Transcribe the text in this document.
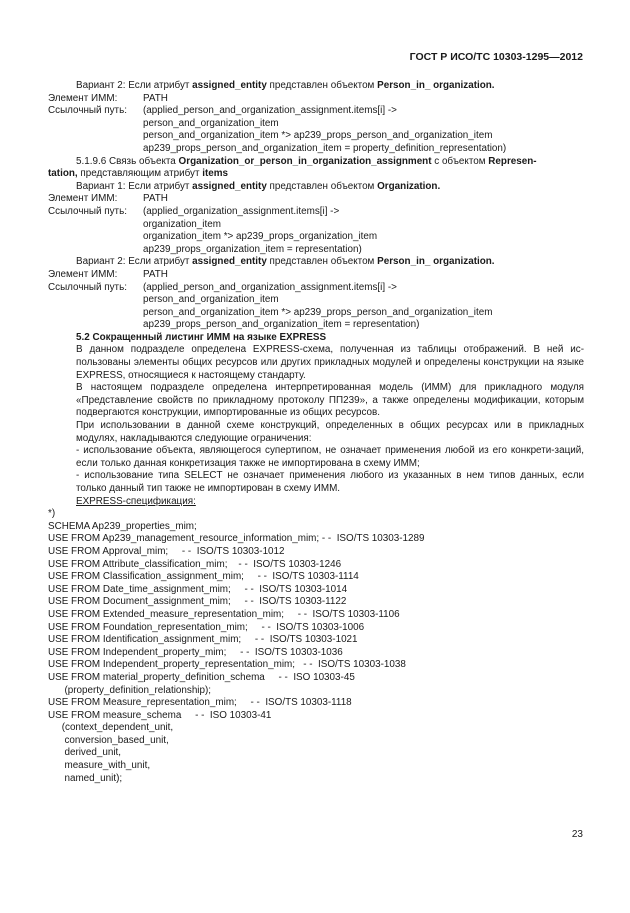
ГОСТ Р ИСО/ТС 10303-1295—2012

Вариант 2: Если атрибут assigned_entity представлен объектом Person_in_ organization.

Элемент ИММ:	PATH
Ссылочный путь:	(applied_person_and_organization_assignment.items[i] ->
person_and_organization_item
person_and_organization_item *> ap239_props_person_and_organization_item
ap239_props_person_and_organization_item = property_definition_representation)

5.1.9.6 Связь объекта Organization_or_person_in_organization_assignment с объектом Represen-

tation, представляющим атрибут items

Вариант 1: Если атрибут assigned_entity представлен объектом Organization.

Элемент ИММ:	PATH
Ссылочный путь:	(applied_organization_assignment.items[i] ->
organization_item
organization_item *> ap239_props_organization_item
ap239_props_organization_item = representation)

Вариант 2: Если атрибут assigned_entity представлен объектом Person_in_ organization.

Элемент ИММ:	PATH
Ссылочный путь:	(applied_person_and_organization_assignment.items[i] ->
person_and_organization_item
person_and_organization_item *> ap239_props_person_and_organization_item
ap239_props_person_and_organization_item = representation)

5.2 Сокращенный листинг ИММ на языке EXPRESS

В данном подразделе определена EXPRESS-схема, полученная из таблицы отображений. В ней ис-пользованы элементы общих ресурсов или других прикладных модулей и определены конструкции на языке EXPRESS, относящиеся к настоящему стандарту.

В настоящем подразделе определена интерпретированная модель (ИММ) для прикладного модуля «Представление свойств по прикладному протоколу ПП239», а также определены модификации, которым подвергаются конструкции, импортированные из общих ресурсов.

При использовании в данной схеме конструкций, определенных в общих ресурсах или в прикладных модулях, накладываются следующие ограничения:

- использование объекта, являющегося супертипом, не означает применения любой из его конкрети-заций, если только данная конкретизация также не импортирована в схему ИММ;

- использование типа SELECT не означает применения любого из указанных в нем типов данных, если только данный тип также не импортирован в схему ИММ.

EXPRESS-спецификация:

*)
SCHEMA Ap239_properties_mim;
USE FROM Ap239_management_resource_information_mim; - -  ISO/TS 10303-1289
USE FROM Approval_mim;     - -  ISO/TS 10303-1012
USE FROM Attribute_classification_mim;    - -  ISO/TS 10303-1246
USE FROM Classification_assignment_mim;     - -  ISO/TS 10303-1114
USE FROM Date_time_assignment_mim;     - -  ISO/TS 10303-1014
USE FROM Document_assignment_mim;     - -  ISO/TS 10303-1122
USE FROM Extended_measure_representation_mim;     - -  ISO/TS 10303-1106
USE FROM Foundation_representation_mim;     - -  ISO/TS 10303-1006
USE FROM Identification_assignment_mim;     - -  ISO/TS 10303-1021
USE FROM Independent_property_mim;     - -  ISO/TS 10303-1036
USE FROM Independent_property_representation_mim;   - -  ISO/TS 10303-1038
USE FROM material_property_definition_schema     - -  ISO 10303-45
(property_definition_relationship);
USE FROM Measure_representation_mim;     - -  ISO/TS 10303-1118
USE FROM measure_schema     - -  ISO 10303-41
(context_dependent_unit,
conversion_based_unit,
derived_unit,
measure_with_unit,
named_unit);
23
